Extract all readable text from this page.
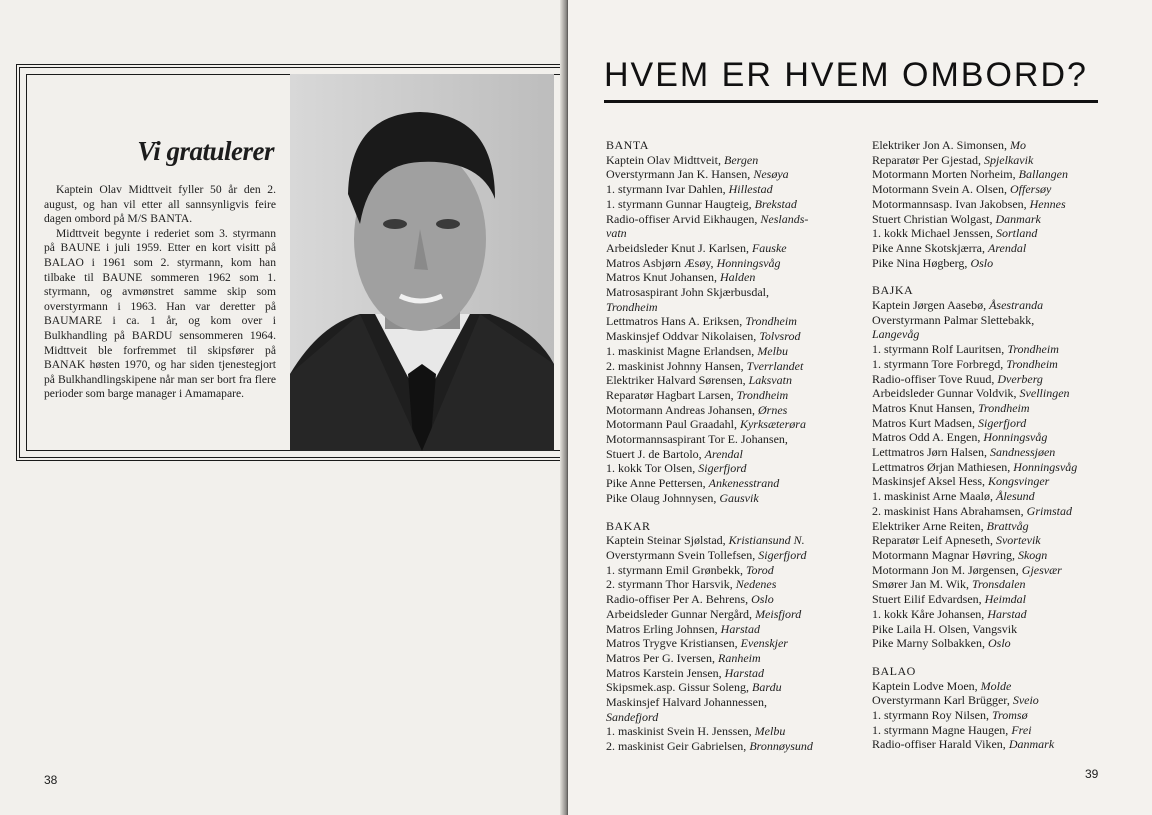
Vi gratulerer

Kaptein Olav Midttveit fyller 50 år den 2. august, og han vil etter all sannsynligvis feire dagen ombord på M/S BANTA.

Midttveit begynte i rederiet som 3. styrmann på BAUNE i juli 1959. Etter en kort visitt på BALAO i 1961 som 2. styrmann, kom han tilbake til BAUNE sommeren 1962 som 1. styrmann, og avmønstret samme skip som overstyrmann i 1963. Han var deretter på BAUMARE i ca. 1 år, og kom over i Bulkhandling på BARDU sensommeren 1964. Midttveit ble forfremmet til skipsfører på BANAK høsten 1970, og har siden tjenestegjort på Bulkhandlingskipene når man ser bort fra flere perioder som barge manager i Amamapare.

38
HVEM ER HVEM OMBORD?
BANTA
Kaptein Olav Midttveit, Bergen
Overstyrmann Jan K. Hansen, Nesøya
1. styrmann Ivar Dahlen, Hillestad
1. styrmann Gunnar Haugteig, Brekstad
Radio-offiser Arvid Eikhaugen, Neslands-
vatn
Arbeidsleder Knut J. Karlsen, Fauske
Matros Asbjørn Æsøy, Honningsvåg
Matros Knut Johansen, Halden
Matrosaspirant John Skjærbusdal,
Trondheim
Lettmatros Hans A. Eriksen, Trondheim
Maskinsjef Oddvar Nikolaisen, Tolvsrod
1. maskinist Magne Erlandsen, Melbu
2. maskinist Johnny Hansen, Tverrlandet
Elektriker Halvard Sørensen, Laksvatn
Reparatør Hagbart Larsen, Trondheim
Motormann Andreas Johansen, Ørnes
Motormann Paul Graadahl, Kyrksæterøra
Motormannsaspirant Tor E. Johansen,
Stuert J. de Bartolo, Arendal
1. kokk Tor Olsen, Sigerfjord
Pike Anne Pettersen, Ankenesstrand
Pike Olaug Johnnysen, Gausvik
BAKAR
Kaptein Steinar Sjølstad, Kristiansund N.
Overstyrmann Svein Tollefsen, Sigerfjord
1. styrmann Emil Grønbekk, Torod
2. styrmann Thor Harsvik, Nedenes
Radio-offiser Per A. Behrens, Oslo
Arbeidsleder Gunnar Nergård, Meisfjord
Matros Erling Johnsen, Harstad
Matros Trygve Kristiansen, Evenskjer
Matros Per G. Iversen, Ranheim
Matros Karstein Jensen, Harstad
Skipsmek.asp. Gissur Soleng, Bardu
Maskinsjef Halvard Johannessen,
Sandefjord
1. maskinist Svein H. Jenssen, Melbu
2. maskinist Geir Gabrielsen, Bronnøysund
Elektriker Jon A. Simonsen, Mo
Reparatør Per Gjestad, Spjelkavik
Motormann Morten Norheim, Ballangen
Motormann Svein A. Olsen, Offersøy
Motormannsasp. Ivan Jakobsen, Hennes
Stuert Christian Wolgast, Danmark
1. kokk Michael Jenssen, Sortland
Pike Anne Skotskjærra, Arendal
Pike Nina Høgberg, Oslo
BAJKA
Kaptein Jørgen Aasebø, Åsestranda
Overstyrmann Palmar Slettebakk,
Langevåg
1. styrmann Rolf Lauritsen, Trondheim
1. styrmann Tore Forbregd, Trondheim
Radio-offiser Tove Ruud, Dverberg
Arbeidsleder Gunnar Voldvik, Svellingen
Matros Knut Hansen, Trondheim
Matros Kurt Madsen, Sigerfjord
Matros Odd A. Engen, Honningsvåg
Lettmatros Jørn Halsen, Sandnessjøen
Lettmatros Ørjan Mathiesen, Honningsvåg
Maskinsjef Aksel Hess, Kongsvinger
1. maskinist Arne Maalø, Ålesund
2. maskinist Hans Abrahamsen, Grimstad
Elektriker Arne Reiten, Brattvåg
Reparatør Leif Apneseth, Svortevik
Motormann Magnar Høvring, Skogn
Motormann Jon M. Jørgensen, Gjesvær
Smører Jan M. Wik, Tronsdalen
Stuert Eilif Edvardsen, Heimdal
1. kokk Kåre Johansen, Harstad
Pike Laila H. Olsen, Vangsvik
Pike Marny Solbakken, Oslo
BALAO
Kaptein Lodve Moen, Molde
Overstyrmann Karl Brügger, Sveio
1. styrmann Roy Nilsen, Tromsø
1. styrmann Magne Haugen, Frei
Radio-offiser Harald Viken, Danmark
39
